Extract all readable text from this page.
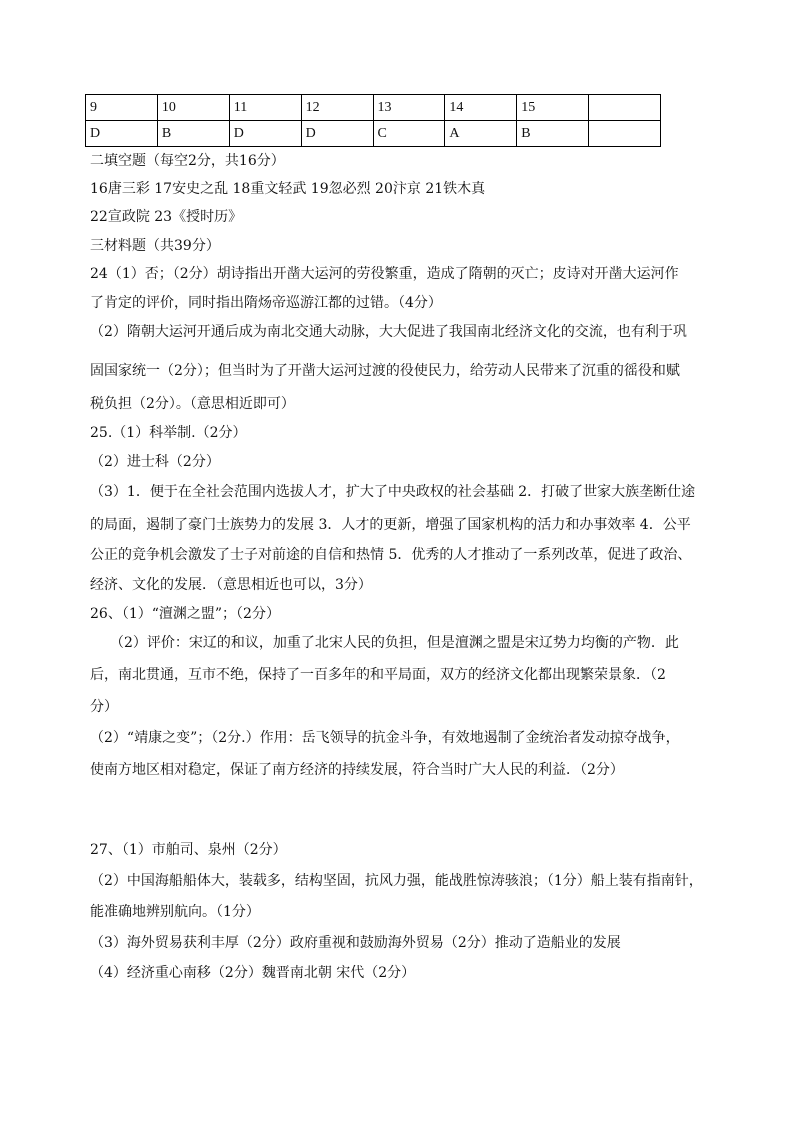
9	10	11	12	13	14	15	
D	B	D	D	C	A	B	
二填空题（每空2分，共16分）
16唐三彩 17安史之乱 18重文轻武 19忽必烈 20汴京 21铁木真
22宣政院 23《授时历》
三材料题（共39分）
24（1）否；（2分）胡诗指出开凿大运河的劳役繁重，造成了隋朝的灭亡；皮诗对开凿大运河作
了肯定的评价，同时指出隋炀帝巡游江都的过错。（4分）
（2）隋朝大运河开通后成为南北交通大动脉，大大促进了我国南北经济文化的交流，也有利于巩
固国家统一（2分）；但当时为了开凿大运河过渡的役使民力，给劳动人民带来了沉重的徭役和赋
税负担（2分）。（意思相近即可）
25.（1）科举制.（2分）
（2）进士科（2分）
（3）1．便于在全社会范围内选拔人才，扩大了中央政权的社会基础 2．打破了世家大族垄断仕途
的局面，遏制了豪门士族势力的发展 3．人才的更新，增强了国家机构的活力和办事效率 4．公平
公正的竞争机会激发了士子对前途的自信和热情 5．优秀的人才推动了一系列改革，促进了政治、
经济、文化的发展．（意思相近也可以，3分）
26、（1）“澶渊之盟”；（2分）
（2）评价：宋辽的和议，加重了北宋人民的负担，但是澶渊之盟是宋辽势力均衡的产物．此
后，南北贯通，互市不绝，保持了一百多年的和平局面，双方的经济文化都出现繁荣景象．（2
分）
（2）“靖康之变”；（2分.）作用：岳飞领导的抗金斗争，有效地遏制了金统治者发动掠夺战争，
使南方地区相对稳定，保证了南方经济的持续发展，符合当时广大人民的利益．（2分）
27、（1）市舶司、泉州（2分）
（2）中国海船船体大，装载多，结构坚固，抗风力强，能战胜惊涛骇浪；（1分）船上装有指南针，
能准确地辨别航向。（1分）
（3）海外贸易获利丰厚（2分）政府重视和鼓励海外贸易（2分）推动了造船业的发展
（4）经济重心南移（2分）魏晋南北朝 宋代（2分）
